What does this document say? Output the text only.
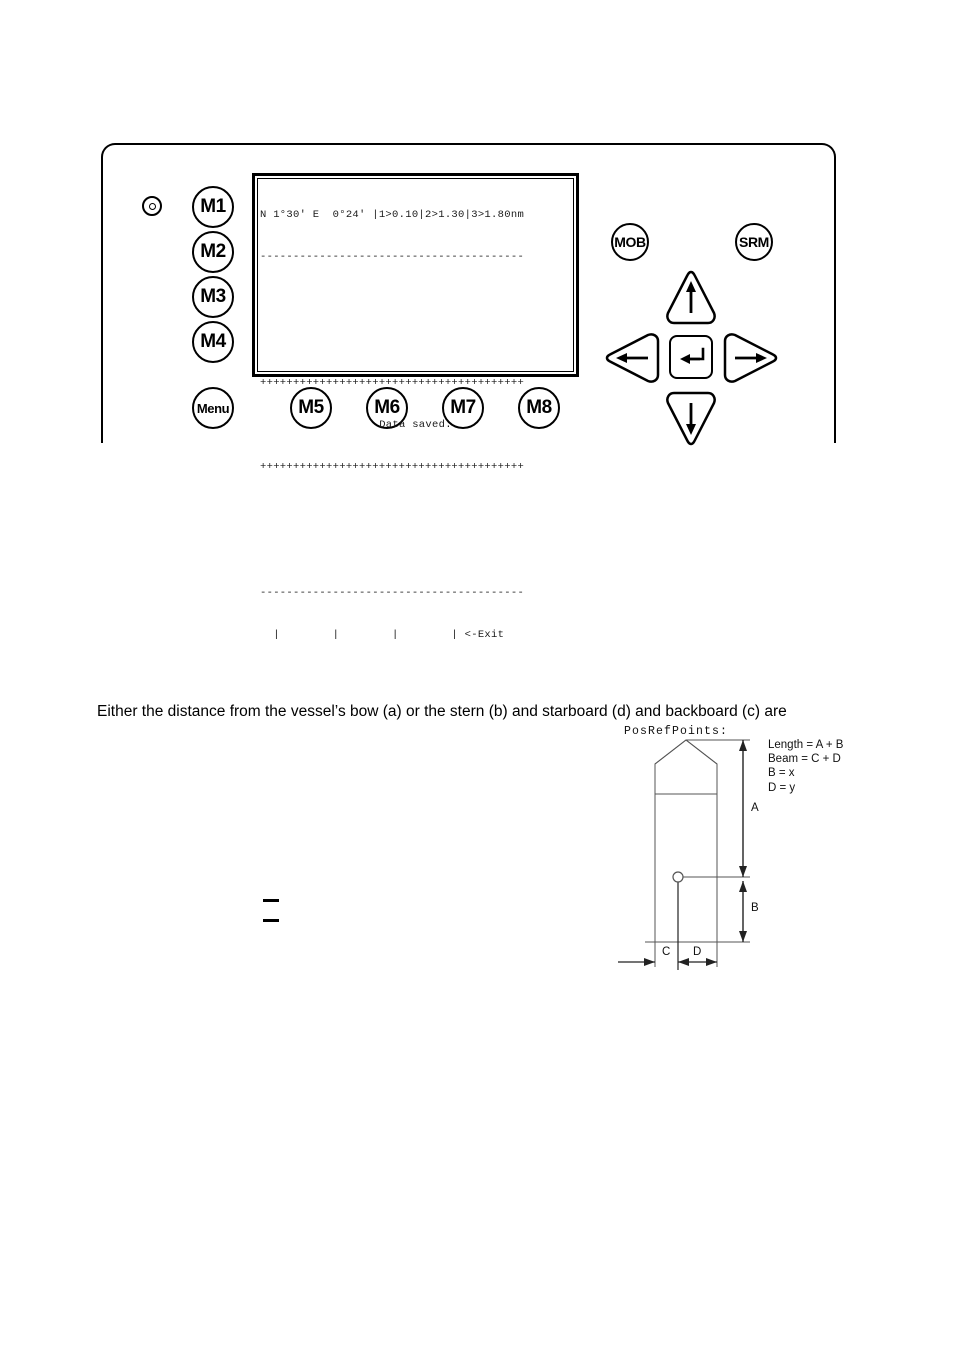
M1
M2
M3
M4
Menu	M5	M6	M7	M8
MOB	SRM

N 1°30' E  0°24' |1>0.10|2>1.30|3>1.80nm

----------------------------------------

++++++++++++++++++++++++++++++++++++++++

Data saved.

++++++++++++++++++++++++++++++++++++++++

----------------------------------------

|        |        |        | <-Exit

Either the distance from the vessel’s bow (a) or the stern (b) and starboard (d) and backboard (c) are

PosRefPoints:
Length = A + B
Beam = C + D
B = x
D = y
A
B
C D
